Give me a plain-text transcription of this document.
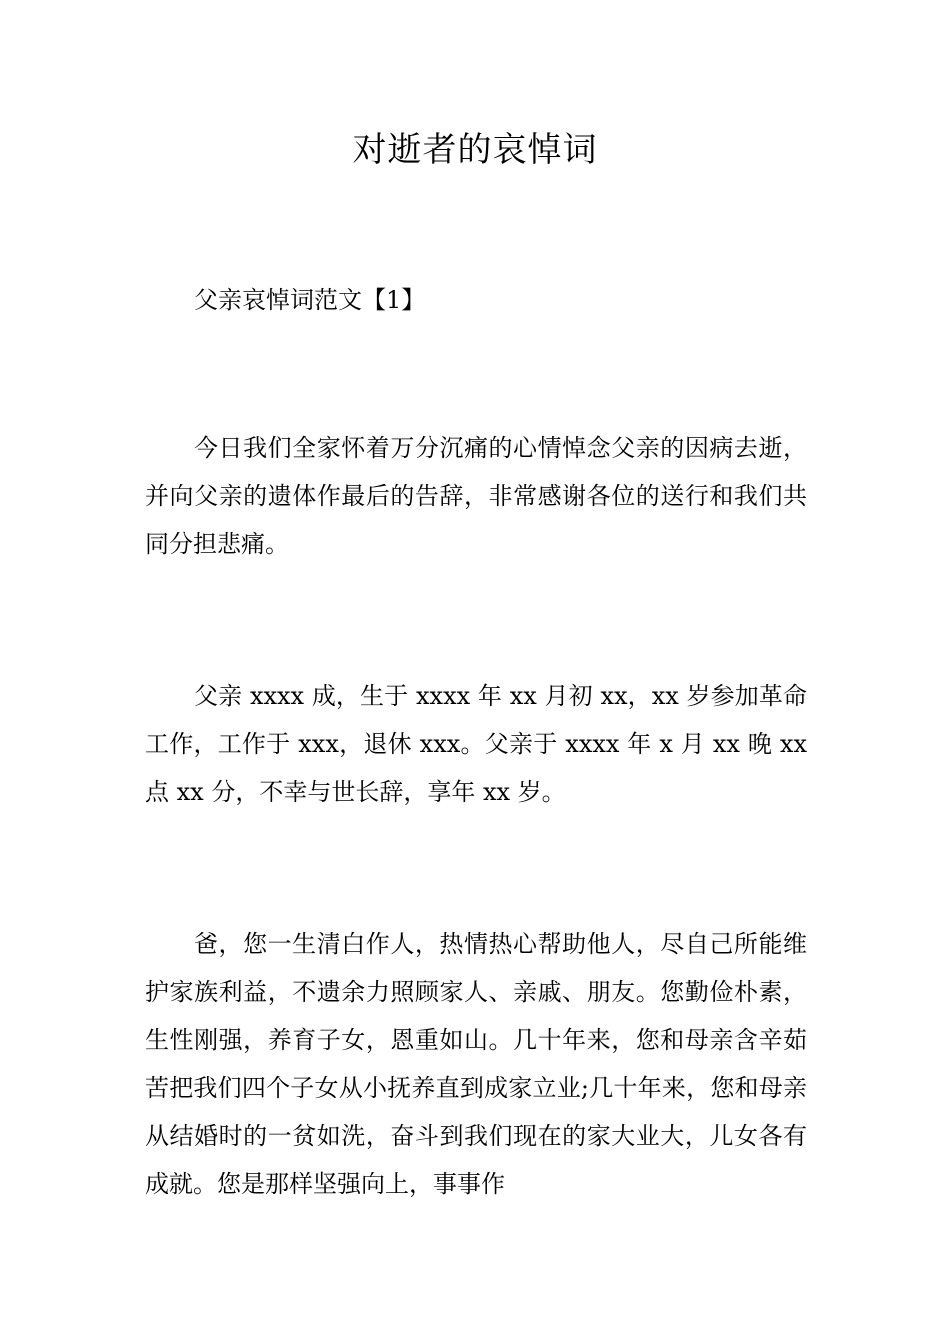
对逝者的哀悼词
父亲哀悼词范文【1】

今日我们全家怀着万分沉痛的心情悼念父亲的因病去逝，并向父亲的遗体作最后的告辞，非常感谢各位的送行和我们共同分担悲痛。

父亲 xxxx 成，生于 xxxx 年 xx 月初 xx，xx 岁参加革命工作，工作于 xxx，退休 xxx。父亲于 xxxx 年 x 月 xx 晚 xx 点 xx 分，不幸与世长辞，享年 xx 岁。

爸，您一生清白作人，热情热心帮助他人，尽自己所能维护家族利益，不遗余力照顾家人、亲戚、朋友。您勤俭朴素，生性刚强，养育子女，恩重如山。几十年来，您和母亲含辛茹苦把我们四个子女从小抚养直到成家立业;几十年来，您和母亲从结婚时的一贫如洗，奋斗到我们现在的家大业大，儿女各有成就。您是那样坚强向上，事事作
